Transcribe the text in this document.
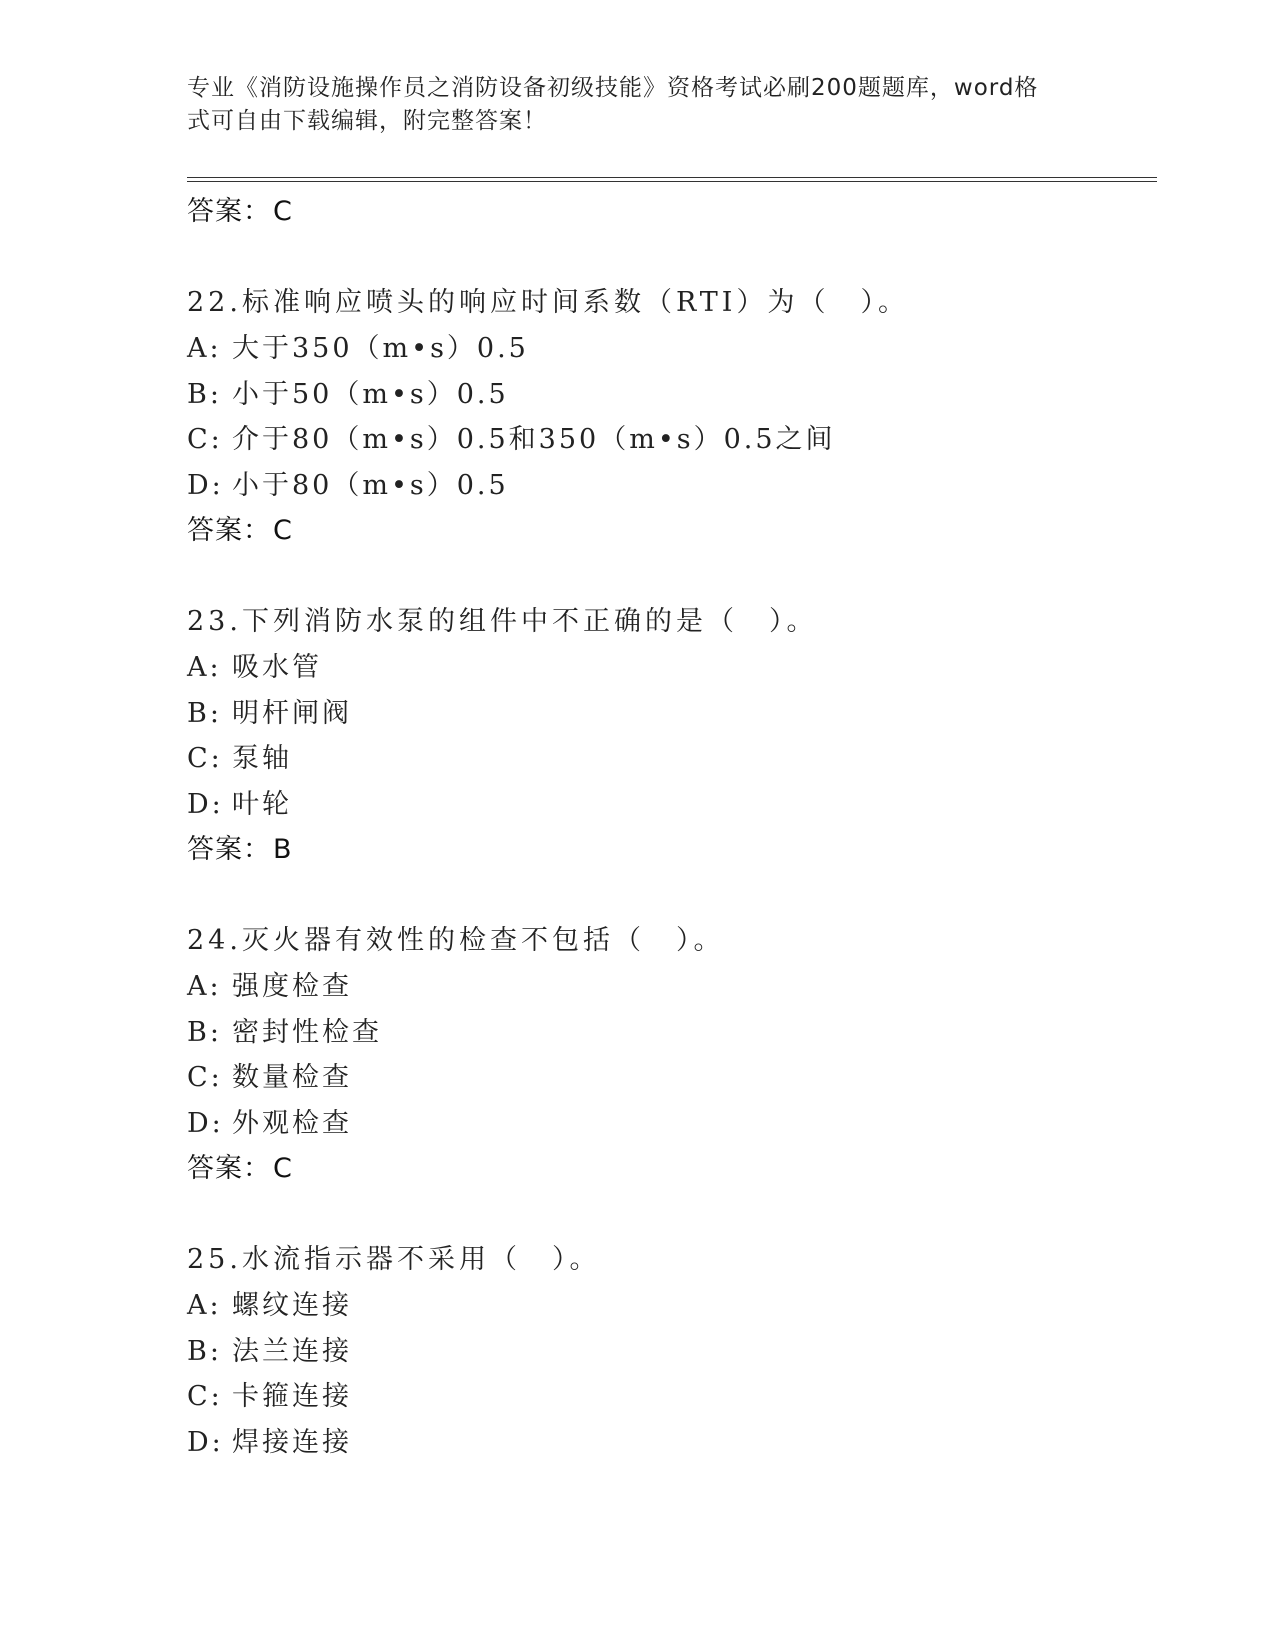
专业《消防设施操作员之消防设备初级技能》资格考试必刷200题题库，word格
式可自由下载编辑，附完整答案！
答案：C
22.标准响应喷头的响应时间系数（RTI）为（　）。
A: 大于350（m•s）0.5
B: 小于50（m•s）0.5
C: 介于80（m•s）0.5和350（m•s）0.5之间
D: 小于80（m•s）0.5
答案：C
23.下列消防水泵的组件中不正确的是（　）。
A: 吸水管
B: 明杆闸阀
C: 泵轴
D: 叶轮
答案：B
24.灭火器有效性的检查不包括（　）。
A: 强度检查
B: 密封性检查
C: 数量检查
D: 外观检查
答案：C
25.水流指示器不采用（　）。
A: 螺纹连接
B: 法兰连接
C: 卡箍连接
D: 焊接连接
